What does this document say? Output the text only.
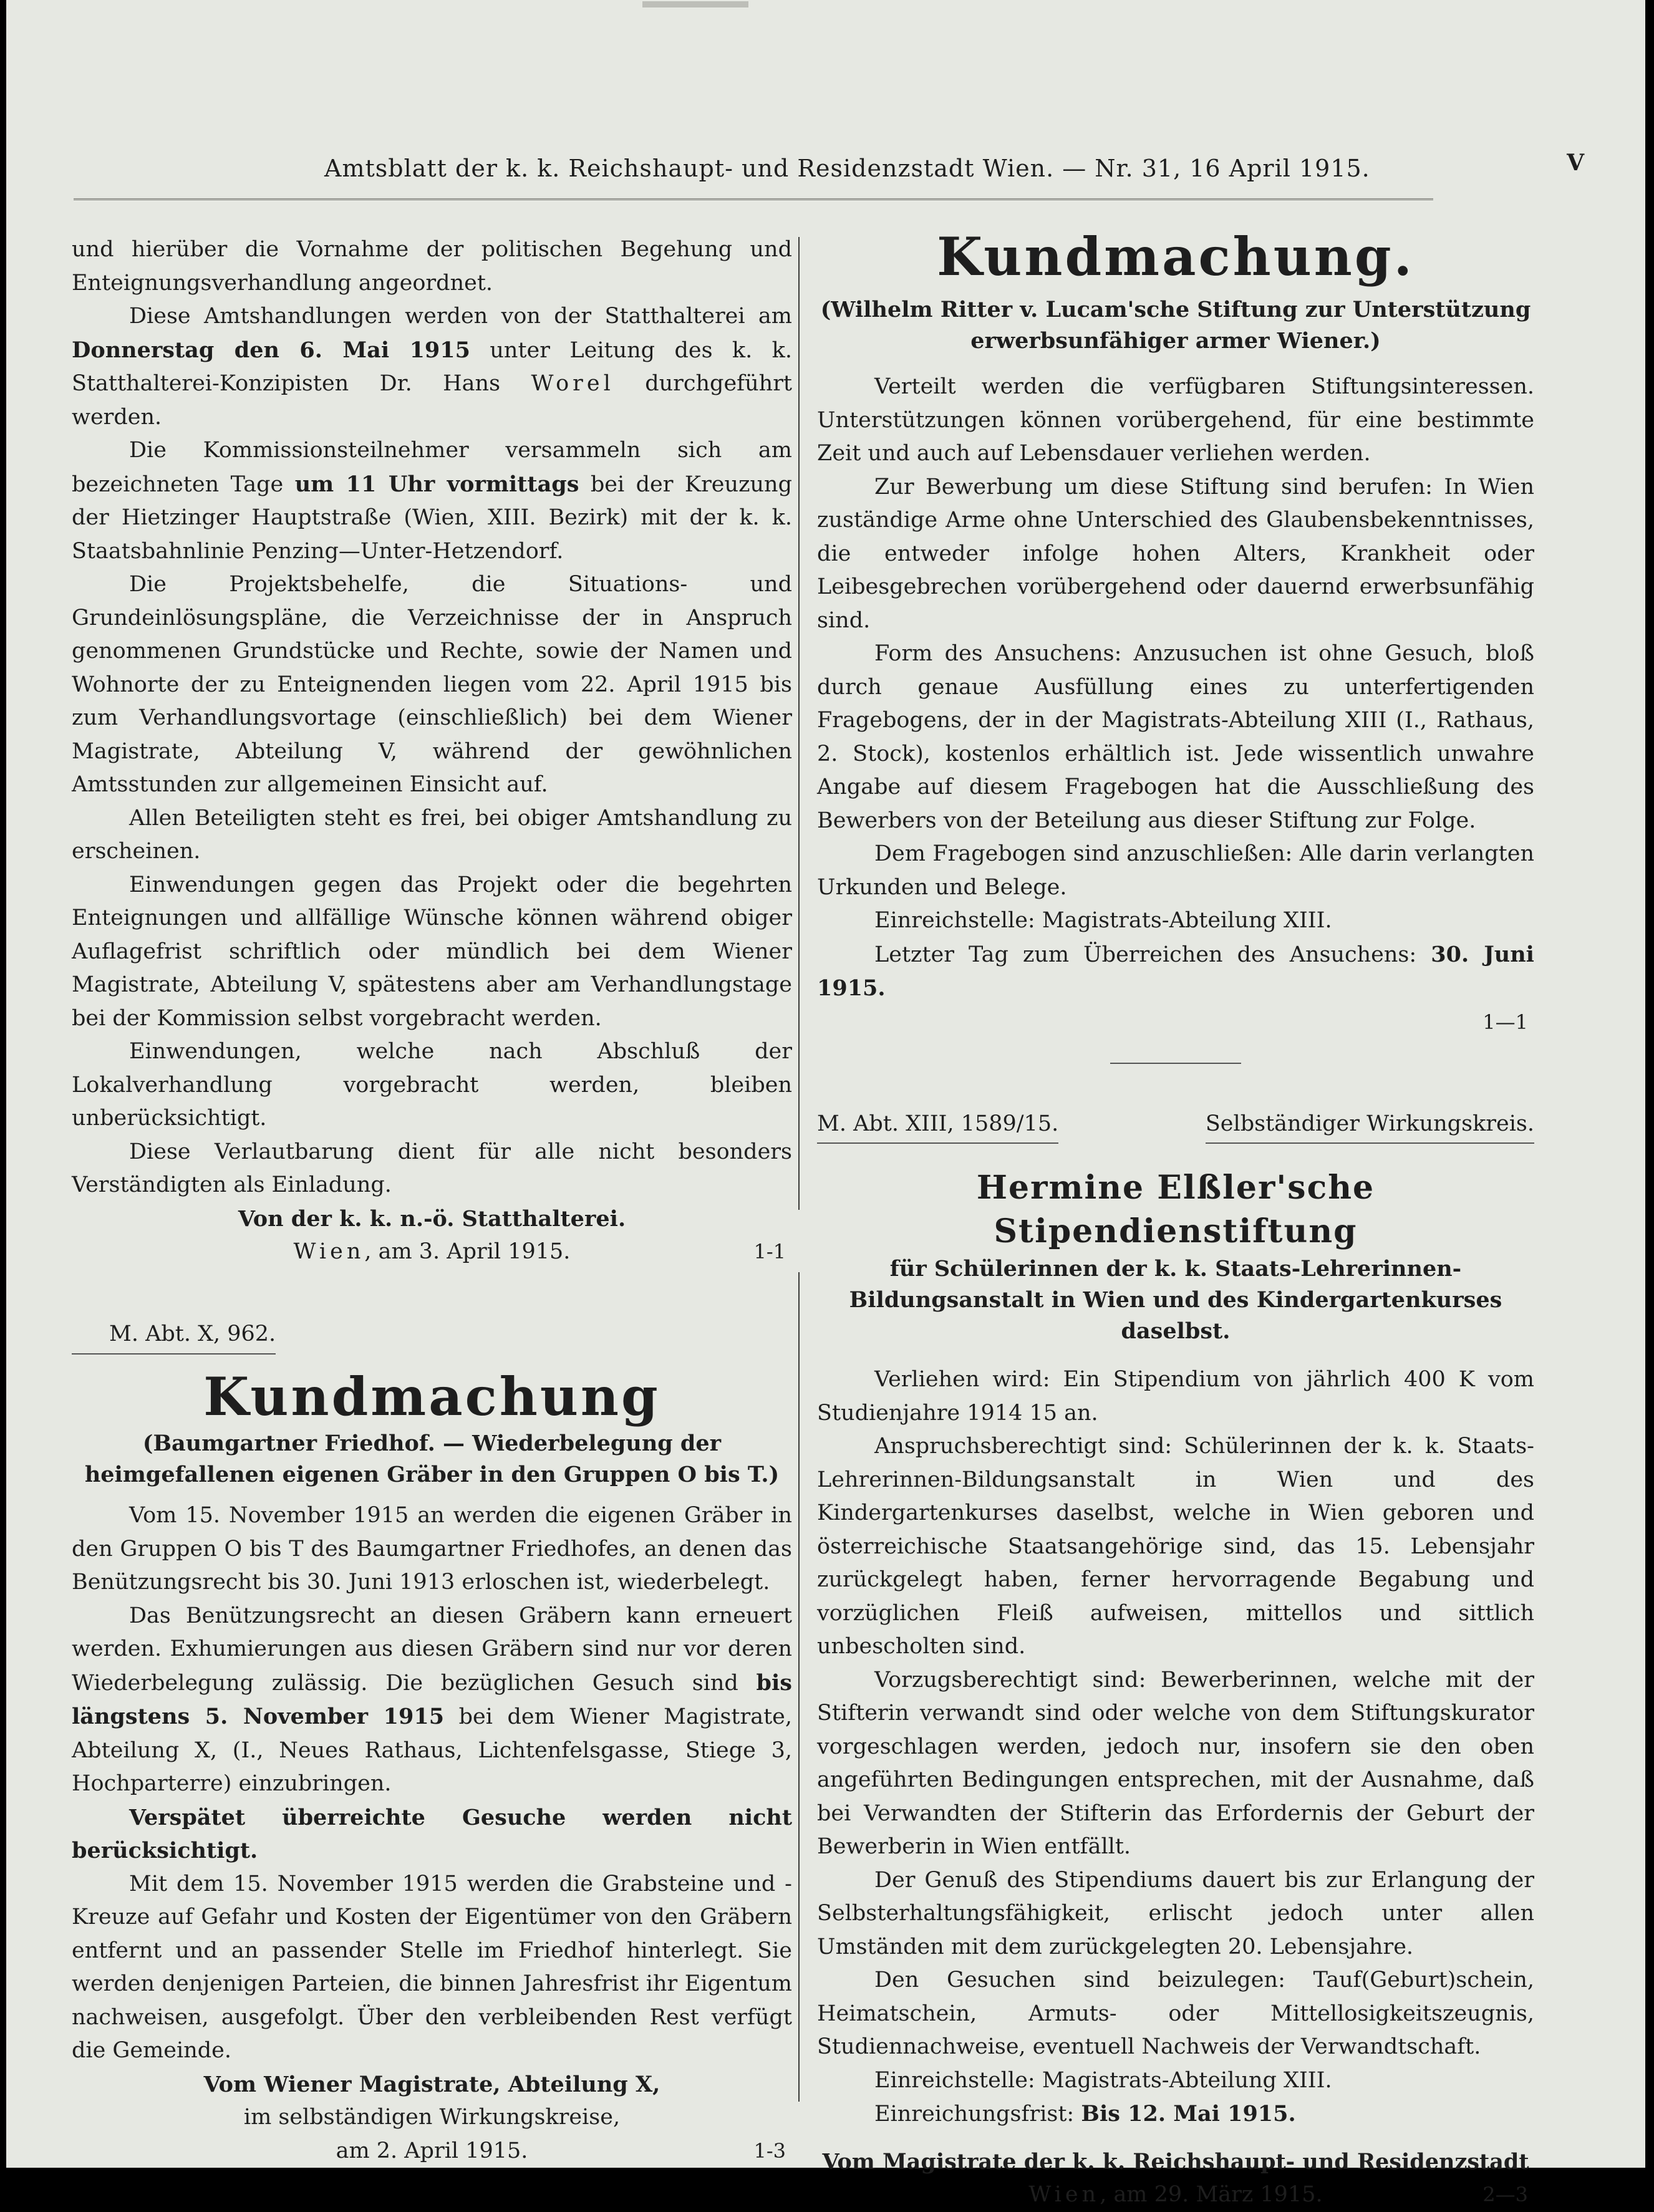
Amtsblatt der k. k. Reichshaupt- und Residenzstadt Wien. — Nr. 31, 16 April 1915.	V

und hierüber die Vornahme der politischen Begehung und Enteignungsverhandlung angeordnet.

Diese Amtshandlungen werden von der Statthalterei am Donnerstag den 6. Mai 1915 unter Leitung des k. k. Statthalterei-Konzipisten Dr. Hans Worel durchgeführt werden.

Die Kommissionsteilnehmer versammeln sich am bezeichneten Tage um 11 Uhr vormittags bei der Kreuzung der Hietzinger Hauptstraße (Wien, XIII. Bezirk) mit der k. k. Staatsbahnlinie Penzing—Unter-Hetzendorf.

Die Projektsbehelfe, die Situations- und Grundeinlösungspläne, die Verzeichnisse der in Anspruch genommenen Grundstücke und Rechte, sowie der Namen und Wohnorte der zu Enteignenden liegen vom 22. April 1915 bis zum Verhandlungsvortage (einschließlich) bei dem Wiener Magistrate, Abteilung V, während der gewöhnlichen Amtsstunden zur allgemeinen Einsicht auf.

Allen Beteiligten steht es frei, bei obiger Amtshandlung zu erscheinen.

Einwendungen gegen das Projekt oder die begehrten Enteignungen und allfällige Wünsche können während obiger Auflagefrist schriftlich oder mündlich bei dem Wiener Magistrate, Abteilung V, spätestens aber am Verhandlungstage bei der Kommission selbst vorgebracht werden.

Einwendungen, welche nach Abschluß der Lokalverhandlung vorgebracht werden, bleiben unberücksichtigt.

Diese Verlautbarung dient für alle nicht besonders Verständigten als Einladung.

Von der k. k. n.-ö. Statthalterei.

Wien, am 3. April 1915.	1-1
M. Abt. X, 962.
Kundmachung

(Baumgartner Friedhof. — Wiederbelegung der heimgefallenen eigenen Gräber in den Gruppen O bis T.)

Vom 15. November 1915 an werden die eigenen Gräber in den Gruppen O bis T des Baumgartner Friedhofes, an denen das Benützungsrecht bis 30. Juni 1913 erloschen ist, wiederbelegt.

Das Benützungsrecht an diesen Gräbern kann erneuert werden. Exhumierungen aus diesen Gräbern sind nur vor deren Wiederbelegung zulässig. Die bezüglichen Gesuch sind bis längstens 5. November 1915 bei dem Wiener Magistrate, Abteilung X, (I., Neues Rathaus, Lichtenfelsgasse, Stiege 3, Hochparterre) einzubringen.

Verspätet überreichte Gesuche werden nicht berücksichtigt.

Mit dem 15. November 1915 werden die Grabsteine und -Kreuze auf Gefahr und Kosten der Eigentümer von den Gräbern entfernt und an passender Stelle im Friedhof hinterlegt. Sie werden denjenigen Parteien, die binnen Jahresfrist ihr Eigentum nachweisen, ausgefolgt. Über den verbleibenden Rest verfügt die Gemeinde.

Vom Wiener Magistrate, Abteilung X,

im selbständigen Wirkungskreise,

am 2. April 1915.	1-3
Kundmachung.

(Wilhelm Ritter v. Lucam'sche Stiftung zur Unterstützung erwerbsunfähiger armer Wiener.)

Verteilt werden die verfügbaren Stiftungsinteressen. Unterstützungen können vorübergehend, für eine bestimmte Zeit und auch auf Lebensdauer verliehen werden.

Zur Bewerbung um diese Stiftung sind berufen: In Wien zuständige Arme ohne Unterschied des Glaubensbekenntnisses, die entweder infolge hohen Alters, Krankheit oder Leibesgebrechen vorübergehend oder dauernd erwerbsunfähig sind.

Form des Ansuchens: Anzusuchen ist ohne Gesuch, bloß durch genaue Ausfüllung eines zu unterfertigenden Fragebogens, der in der Magistrats-Abteilung XIII (I., Rathaus, 2. Stock), kostenlos erhältlich ist. Jede wissentlich unwahre Angabe auf diesem Fragebogen hat die Ausschließung des Bewerbers von der Beteilung aus dieser Stiftung zur Folge.

Dem Fragebogen sind anzuschließen: Alle darin verlangten Urkunden und Belege.

Einreichstelle: Magistrats-Abteilung XIII.

Letzter Tag zum Überreichen des Ansuchens: 30. Juni 1915.

1—1

M. Abt. XIII, 1589/15.	Selbständiger Wirkungskreis.
Hermine Elßler'sche Stipendienstiftung

für Schülerinnen der k. k. Staats-Lehrerinnen-Bildungsanstalt in Wien und des Kindergartenkurses daselbst.

Verliehen wird: Ein Stipendium von jährlich 400 K vom Studienjahre 1914 15 an.

Anspruchsberechtigt sind: Schülerinnen der k. k. Staats-Lehrerinnen-Bildungsanstalt in Wien und des Kindergartenkurses daselbst, welche in Wien geboren und österreichische Staatsangehörige sind, das 15. Lebensjahr zurückgelegt haben, ferner hervorragende Begabung und vorzüglichen Fleiß aufweisen, mittellos und sittlich unbescholten sind.

Vorzugsberechtigt sind: Bewerberinnen, welche mit der Stifterin verwandt sind oder welche von dem Stiftungskurator vorgeschlagen werden, jedoch nur, insofern sie den oben angeführten Bedingungen entsprechen, mit der Ausnahme, daß bei Verwandten der Stifterin das Erfordernis der Geburt der Bewerberin in Wien entfällt.

Der Genuß des Stipendiums dauert bis zur Erlangung der Selbsterhaltungsfähigkeit, erlischt jedoch unter allen Umständen mit dem zurückgelegten 20. Lebensjahre.

Den Gesuchen sind beizulegen: Tauf(Geburt)schein, Heimatschein, Armuts- oder Mittellosigkeitszeugnis, Studiennachweise, eventuell Nachweis der Verwandtschaft.

Einreichstelle: Magistrats-Abteilung XIII.

Einreichungsfrist: Bis 12. Mai 1915.

Vom Magistrate der k. k. Reichshaupt- und Residenzstadt

Wien, am 29. März 1915.	2—3
